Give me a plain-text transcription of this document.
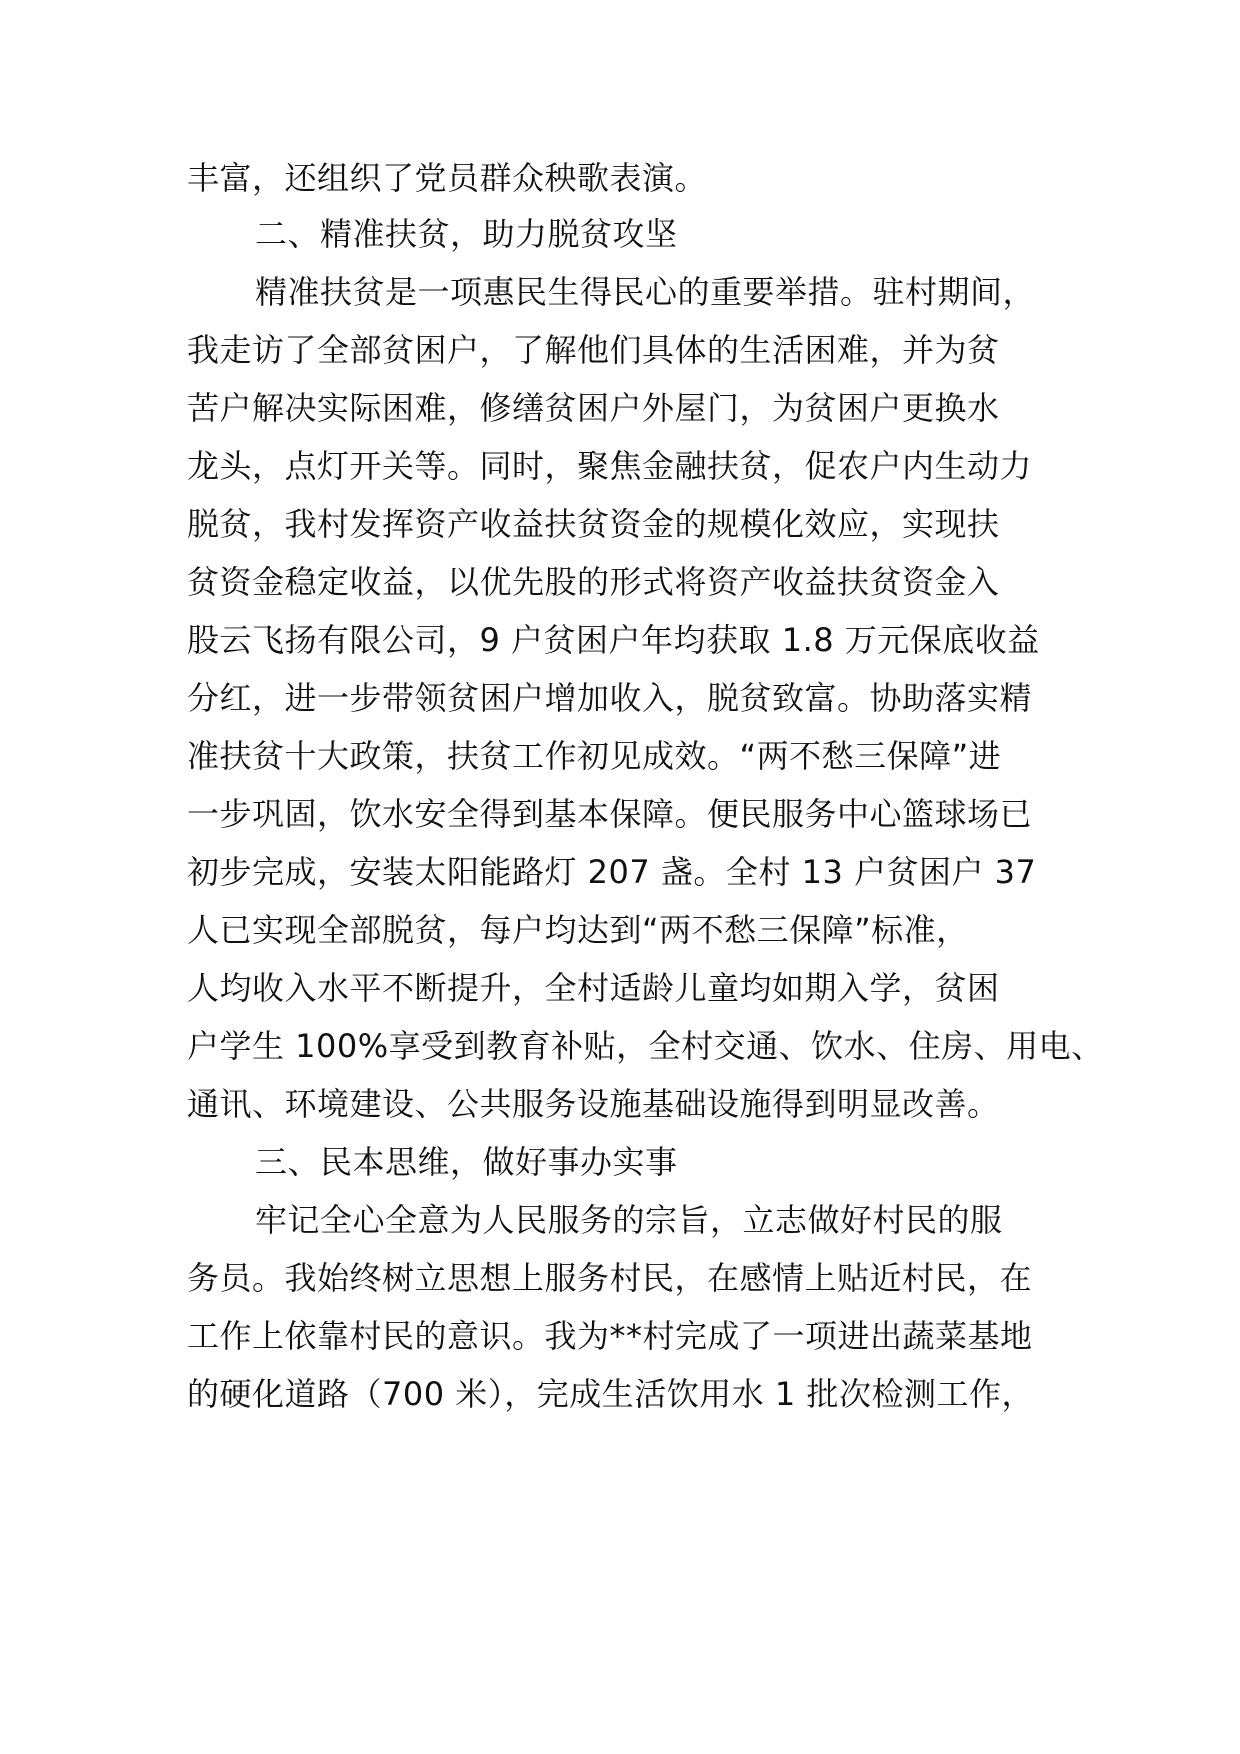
丰富，还组织了党员群众秧歌表演。
二、精准扶贫，助力脱贫攻坚
精准扶贫是一项惠民生得民心的重要举措。驻村期间，
我走访了全部贫困户，了解他们具体的生活困难，并为贫
苦户解决实际困难，修缮贫困户外屋门，为贫困户更换水
龙头，点灯开关等。同时，聚焦金融扶贫，促农户内生动力
脱贫，我村发挥资产收益扶贫资金的规模化效应，实现扶
贫资金稳定收益，以优先股的形式将资产收益扶贫资金入
股云飞扬有限公司，9 户贫困户年均获取 1.8 万元保底收益
分红，进一步带领贫困户增加收入，脱贫致富。协助落实精
准扶贫十大政策，扶贫工作初见成效。“两不愁三保障”进
一步巩固，饮水安全得到基本保障。便民服务中心篮球场已
初步完成，安装太阳能路灯 207 盏。全村 13 户贫困户 37
人已实现全部脱贫，每户均达到“两不愁三保障”标准，
人均收入水平不断提升，全村适龄儿童均如期入学，贫困
户学生 100%享受到教育补贴，全村交通、饮水、住房、用电、
通讯、环境建设、公共服务设施基础设施得到明显改善。
三、民本思维，做好事办实事
牢记全心全意为人民服务的宗旨，立志做好村民的服
务员。我始终树立思想上服务村民，在感情上贴近村民，在
工作上依靠村民的意识。我为**村完成了一项进出蔬菜基地
的硬化道路（700 米），完成生活饮用水 1 批次检测工作，
